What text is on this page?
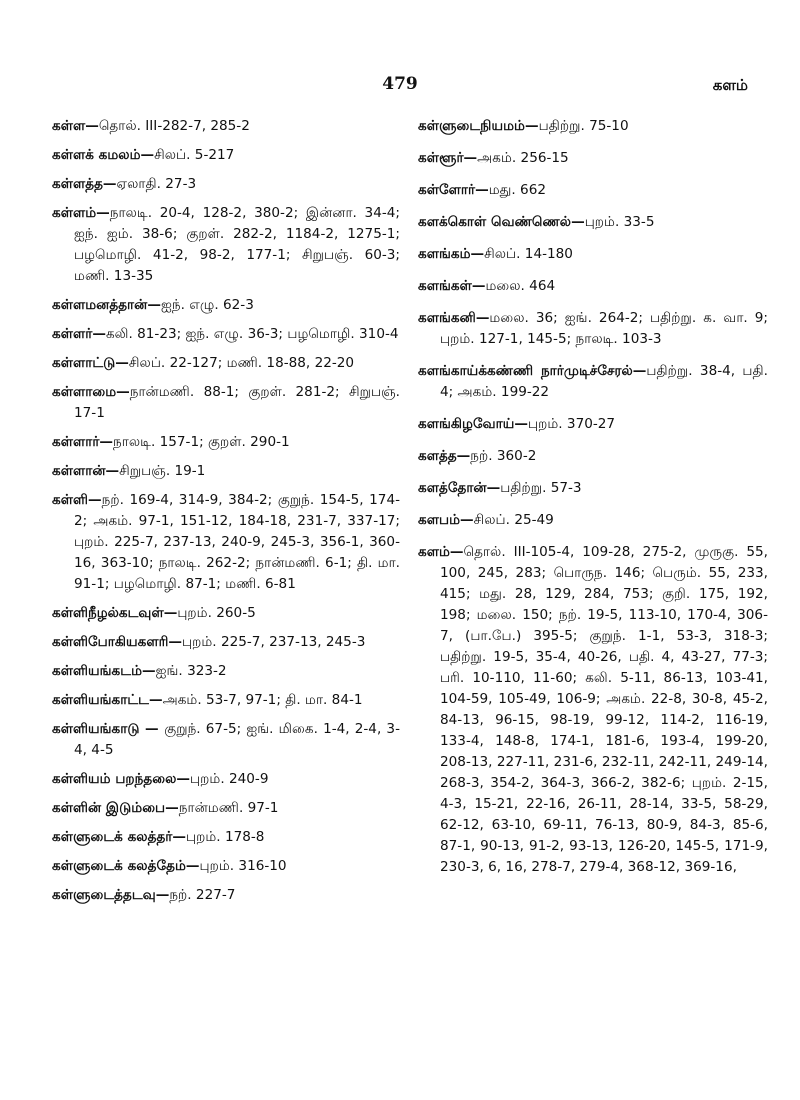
479	களம்
கள்ள—தொல். III-282-7, 285-2
கள்ளக் கமலம்—சிலப். 5-217
கள்ளத்த—ஏலாதி. 27-3
கள்ளம்—நாலடி. 20-4, 128-2, 380-2; இன்னா. 34-4; ஐந். ஐம். 38-6; குறள். 282-2, 1184-2, 1275-1; பழமொழி. 41-2, 98-2, 177-1; சிறுபஞ். 60-3; மணி. 13-35
கள்ளமனத்தான்—ஐந். எழு. 62-3
கள்ளர்—கலி. 81-23; ஐந். எழு. 36-3; பழமொழி. 310-4
கள்ளாட்டு—சிலப். 22-127; மணி. 18-88, 22-20
கள்ளாமை—நான்மணி. 88-1; குறள். 281-2; சிறுபஞ். 17-1
கள்ளார்—நாலடி. 157-1; குறள். 290-1
கள்ளான்—சிறுபஞ். 19-1
கள்ளி—நற். 169-4, 314-9, 384-2; குறுந். 154-5, 174-2; அகம். 97-1, 151-12, 184-18, 231-7, 337-17; புறம். 225-7, 237-13, 240-9, 245-3, 356-1, 360-16, 363-10; நாலடி. 262-2; நான்மணி. 6-1; தி. மா. 91-1; பழமொழி. 87-1; மணி. 6-81
கள்ளிநீழல்கடவுள்—புறம். 260-5
கள்ளிபோகியகளரி—புறம். 225-7, 237-13, 245-3
கள்ளியங்கடம்—ஐங். 323-2
கள்ளியங்காட்ட—அகம். 53-7, 97-1; தி. மா. 84-1
கள்ளியங்காடு — குறுந். 67-5; ஐங். மிகை. 1-4, 2-4, 3-4, 4-5
கள்ளியம் பறந்தலை—புறம். 240-9
கள்ளின் இடும்பை—நான்மணி. 97-1
கள்ளுடைக் கலத்தர்—புறம். 178-8
கள்ளுடைக் கலத்தேம்—புறம். 316-10
கள்ளுடைத்தடவு—நற். 227-7
கள்ளுடைநியமம்—பதிற்று. 75-10
கள்ளூர்—அகம். 256-15
கள்ளோர்—மது. 662
களக்கொள் வெண்ணெல்—புறம். 33-5
களங்கம்—சிலப். 14-180
களங்கள்—மலை. 464
களங்கனி—மலை. 36; ஐங். 264-2; பதிற்று. க. வா. 9; புறம். 127-1, 145-5; நாலடி. 103-3
களங்காய்க்கண்ணி நார்முடிச்சேரல்—பதிற்று. 38-4, பதி. 4; அகம். 199-22
களங்கிழவோய்—புறம். 370-27
களத்த—நற். 360-2
களத்தோன்—பதிற்று. 57-3
களபம்—சிலப். 25-49
களம்—தொல். III-105-4, 109-28, 275-2, முருகு. 55, 100, 245, 283; பொருந. 146; பெரும். 55, 233, 415; மது. 28, 129, 284, 753; குறி. 175, 192, 198; மலை. 150; நற். 19-5, 113-10, 170-4, 306-7, (பா.பே.) 395-5; குறுந். 1-1, 53-3, 318-3; பதிற்று. 19-5, 35-4, 40-26, பதி. 4, 43-27, 77-3; பரி. 10-110, 11-60; கலி. 5-11, 86-13, 103-41, 104-59, 105-49, 106-9; அகம். 22-8, 30-8, 45-2, 84-13, 96-15, 98-19, 99-12, 114-2, 116-19, 133-4, 148-8, 174-1, 181-6, 193-4, 199-20, 208-13, 227-11, 231-6, 232-11, 242-11, 249-14, 268-3, 354-2, 364-3, 366-2, 382-6; புறம். 2-15, 4-3, 15-21, 22-16, 26-11, 28-14, 33-5, 58-29, 62-12, 63-10, 69-11, 76-13, 80-9, 84-3, 85-6, 87-1, 90-13, 91-2, 93-13, 126-20, 145-5, 171-9, 230-3, 6, 16, 278-7, 279-4, 368-12, 369-16,
